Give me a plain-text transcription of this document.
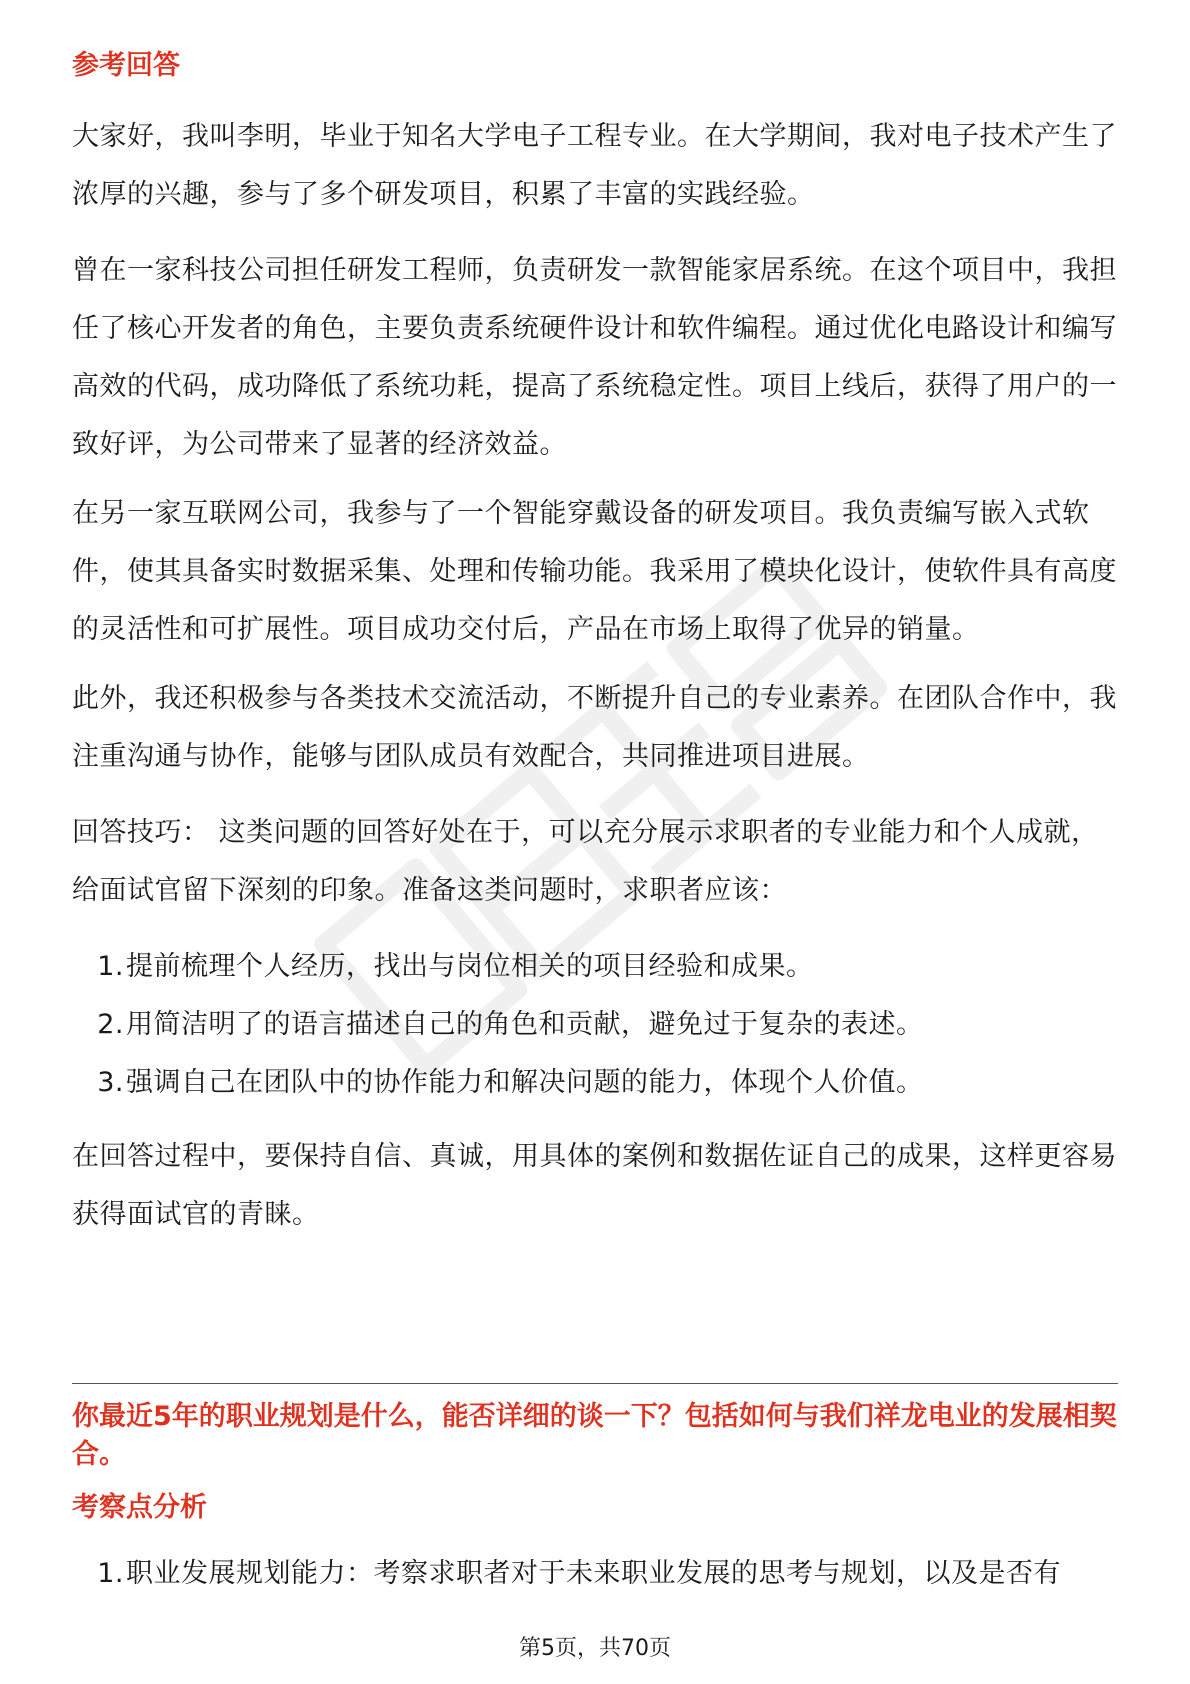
参考回答

大家好，我叫李明，毕业于知名大学电子工程专业。在大学期间，我对电子技术产生了浓厚的兴趣，参与了多个研发项目，积累了丰富的实践经验。

曾在一家科技公司担任研发工程师，负责研发一款智能家居系统。在这个项目中，我担任了核心开发者的角色，主要负责系统硬件设计和软件编程。通过优化电路设计和编写高效的代码，成功降低了系统功耗，提高了系统稳定性。项目上线后，获得了用户的一致好评，为公司带来了显著的经济效益。

在另一家互联网公司，我参与了一个智能穿戴设备的研发项目。我负责编写嵌入式软件，使其具备实时数据采集、处理和传输功能。我采用了模块化设计，使软件具有高度的灵活性和可扩展性。项目成功交付后，产品在市场上取得了优异的销量。

此外，我还积极参与各类技术交流活动，不断提升自己的专业素养。在团队合作中，我注重沟通与协作，能够与团队成员有效配合，共同推进项目进展。

回答技巧： 这类问题的回答好处在于，可以充分展示求职者的专业能力和个人成就，给面试官留下深刻的印象。准备这类问题时，求职者应该：

1. 提前梳理个人经历，找出与岗位相关的项目经验和成果。
2. 用简洁明了的语言描述自己的角色和贡献，避免过于复杂的表述。
3. 强调自己在团队中的协作能力和解决问题的能力，体现个人价值。

在回答过程中，要保持自信、真诚，用具体的案例和数据佐证自己的成果，这样更容易获得面试官的青睐。

你最近5年的职业规划是什么，能否详细的谈一下？包括如何与我们祥龙电业的发展相契合。
考察点分析
1. 职业发展规划能力：考察求职者对于未来职业发展的思考与规划，以及是否有
第5页，共70页
